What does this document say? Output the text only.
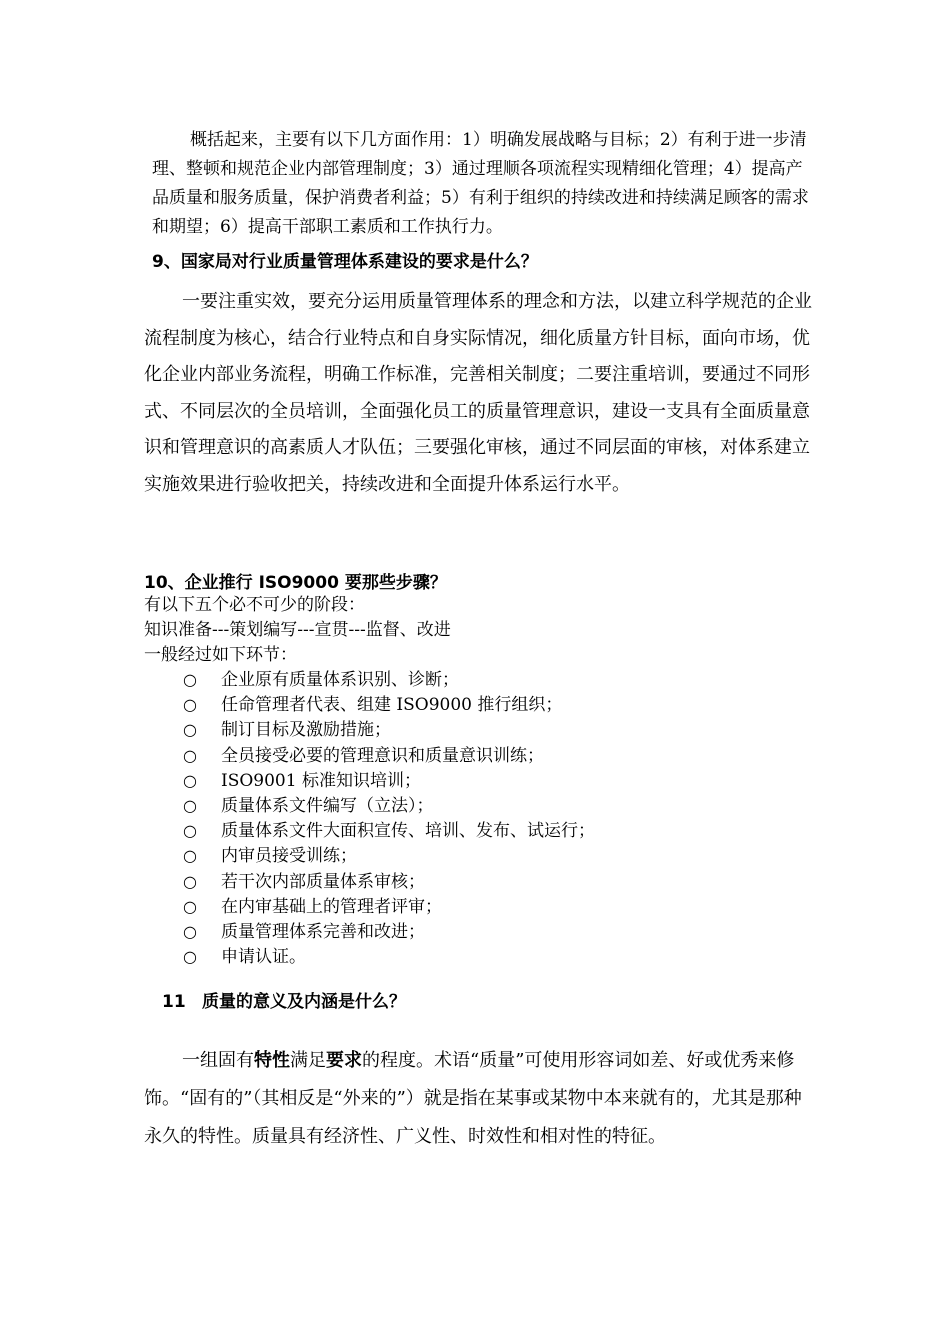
概括起来，主要有以下几方面作用：1）明确发展战略与目标；2）有利于进一步清理、整顿和规范企业内部管理制度；3）通过理顺各项流程实现精细化管理；4）提高产品质量和服务质量，保护消费者利益；5）有利于组织的持续改进和持续满足顾客的需求和期望；6）提高干部职工素质和工作执行力。

9、国家局对行业质量管理体系建设的要求是什么？

一要注重实效，要充分运用质量管理体系的理念和方法，以建立科学规范的企业流程制度为核心，结合行业特点和自身实际情况，细化质量方针目标，面向市场，优化企业内部业务流程，明确工作标准，完善相关制度；二要注重培训，要通过不同形式、不同层次的全员培训，全面强化员工的质量管理意识，建设一支具有全面质量意识和管理意识的高素质人才队伍；三要强化审核，通过不同层面的审核，对体系建立实施效果进行验收把关，持续改进和全面提升体系运行水平。

10、企业推行 ISO9000 要那些步骤？

有以下五个必不可少的阶段：

知识准备---策划编写---宣贯---监督、改进

一般经过如下环节：

○	企业原有质量体系识别、诊断；
○	任命管理者代表、组建 ISO9000 推行组织；
○	制订目标及激励措施；
○	全员接受必要的管理意识和质量意识训练；
○	ISO9001 标准知识培训；
○	质量体系文件编写（立法）；
○	质量体系文件大面积宣传、培训、发布、试运行；
○	内审员接受训练；
○	若干次内部质量体系审核；
○	在内审基础上的管理者评审；
○	质量管理体系完善和改进；
○	申请认证。
11 质量的意义及内涵是什么？

一组固有特性满足要求的程度。术语“质量”可使用形容词如差、好或优秀来修饰。“固有的”（其相反是“外来的”）就是指在某事或某物中本来就有的，尤其是那种永久的特性。质量具有经济性、广义性、时效性和相对性的特征。
